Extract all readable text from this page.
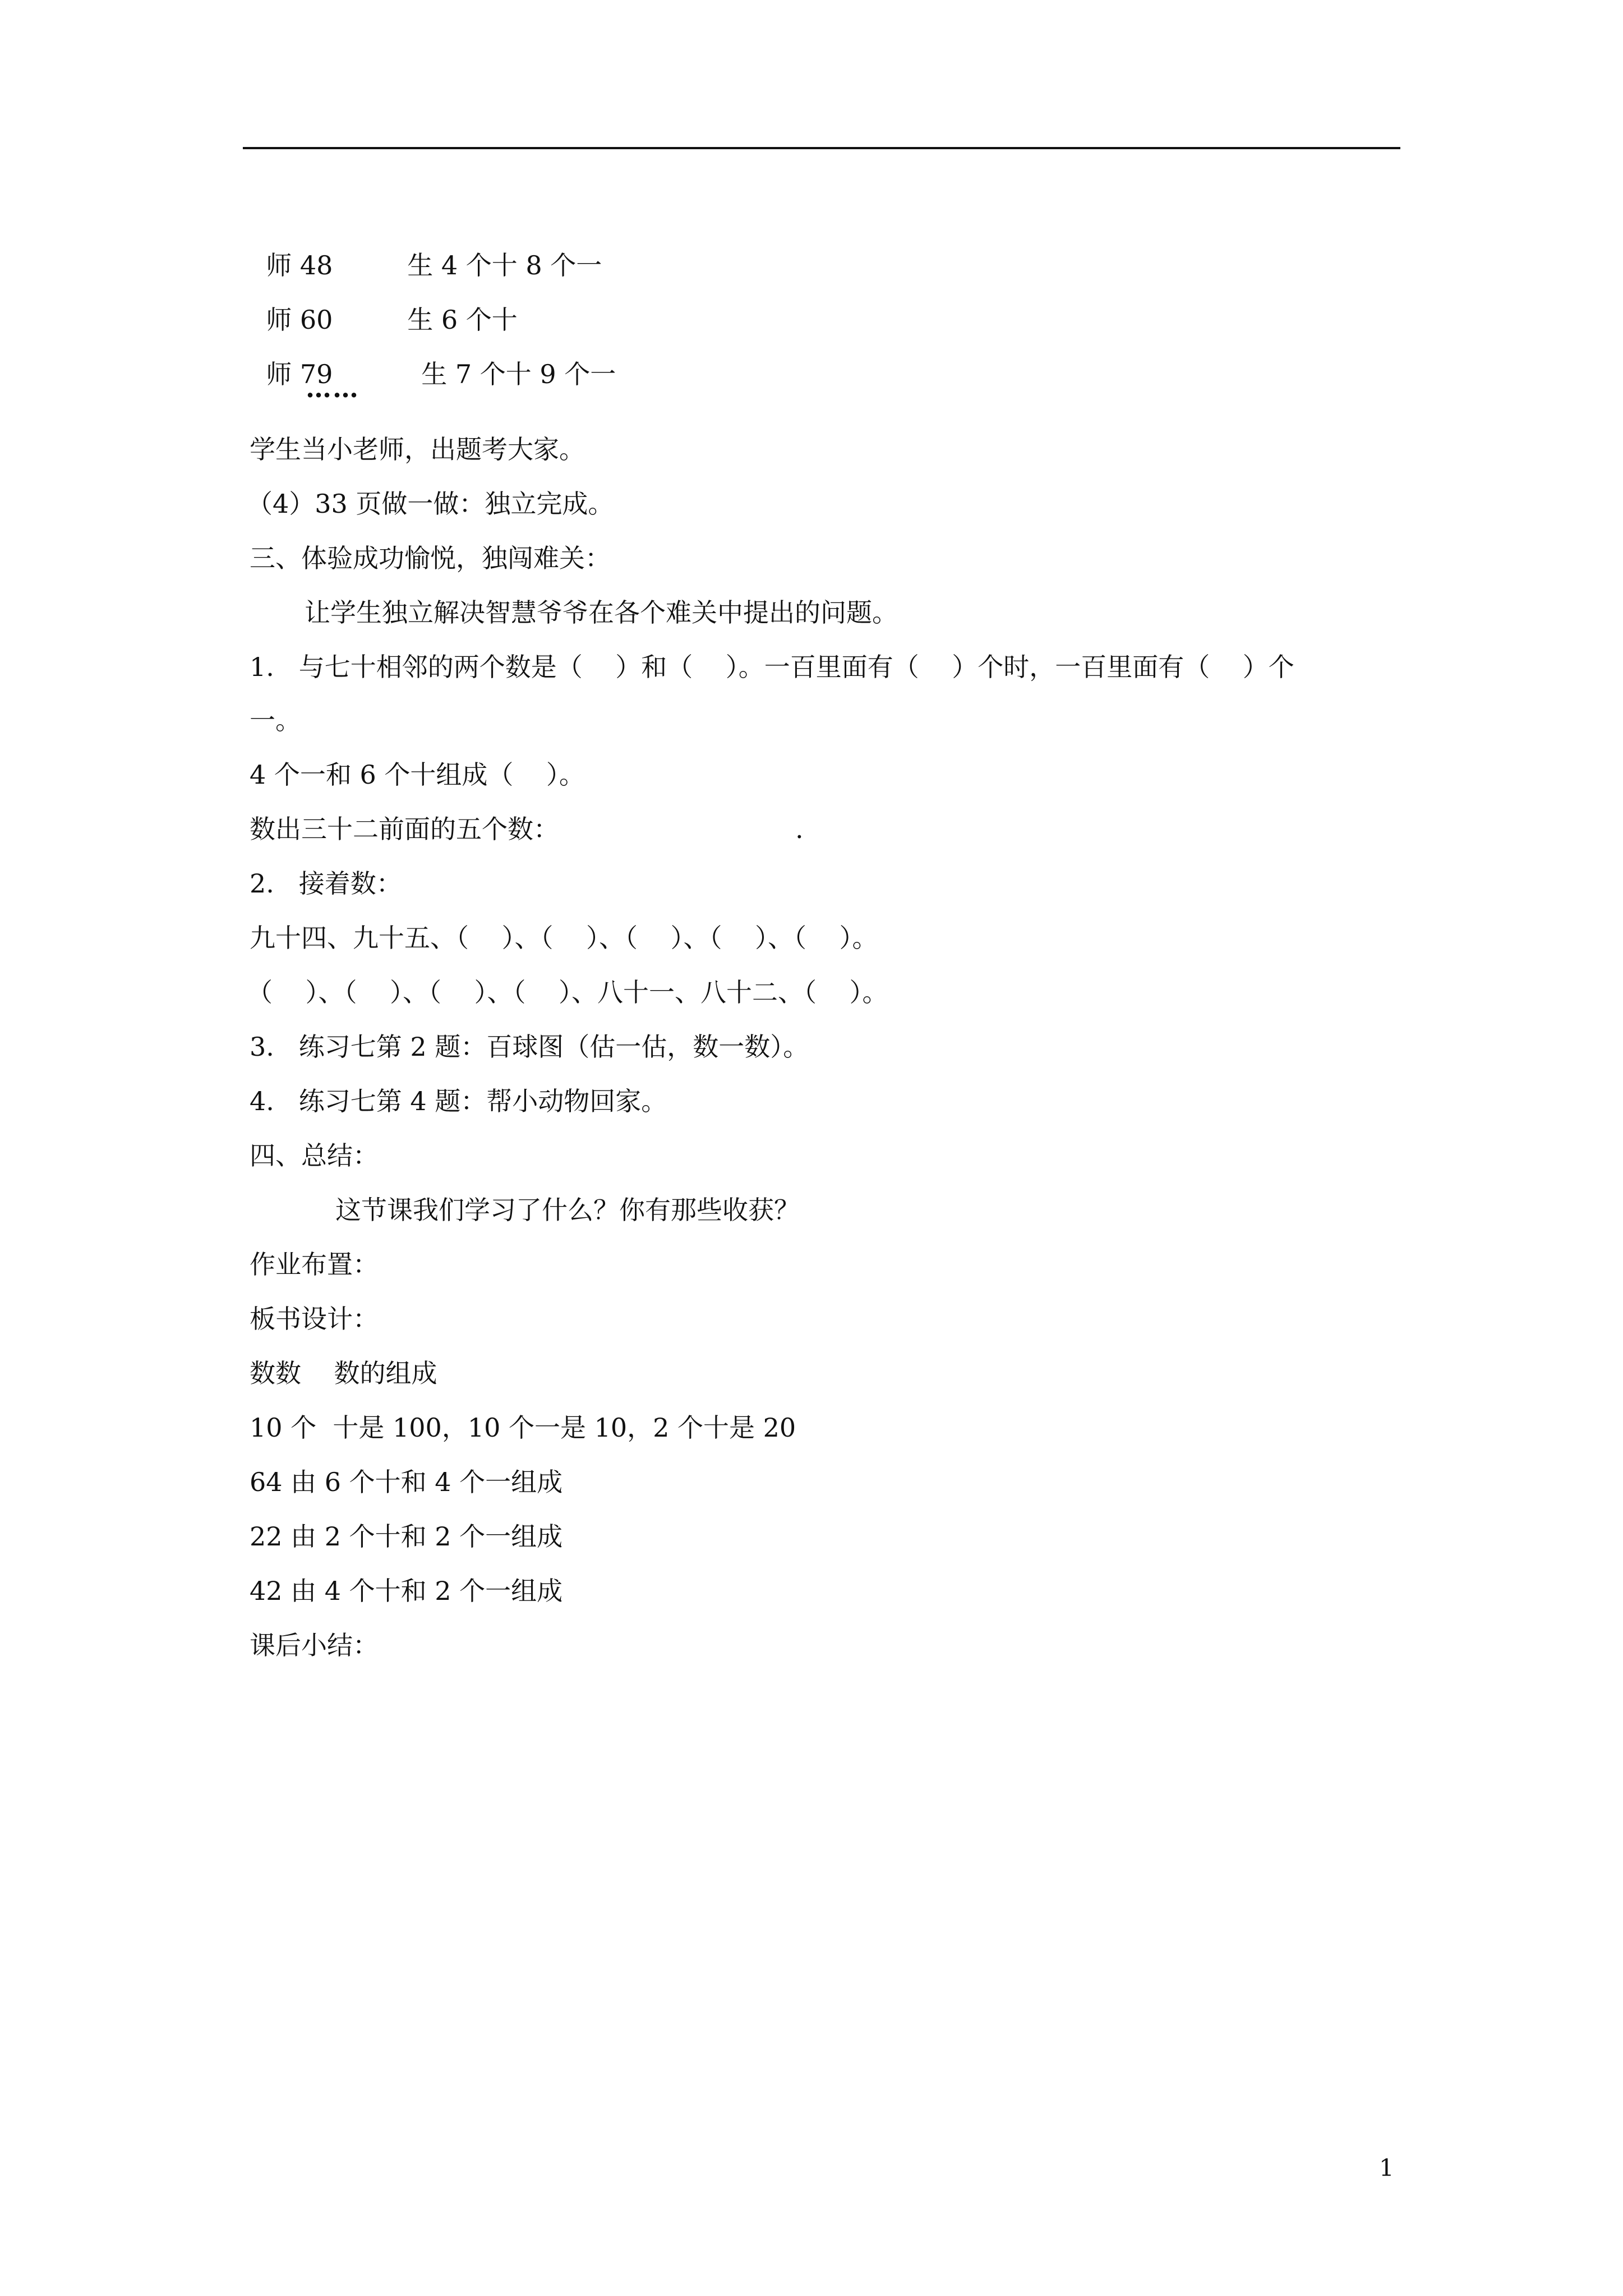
师 48	生 4 个十 8 个一

师 60	生 6 个十

师 79	生 7 个十 9 个一

……
学生当小老师，出题考大家。
（4）33 页做一做：独立完成。
三、体验成功愉悦，独闯难关：
让学生独立解决智慧爷爷在各个难关中提出的问题。
1.   与七十相邻的两个数是（    ）和（    ）。一百里面有（    ）个时，一百里面有（    ）个
一。
4 个一和 6 个十组成（    ）。
数出三十二前面的五个数：	.
2.   接着数：
九十四、九十五、（    ）、（    ）、（    ）、（    ）、（    ）。
（    ）、（    ）、（    ）、（    ）、八十一、八十二、（    ）。
3.   练习七第 2 题：百球图（估一估，数一数）。
4.   练习七第 4 题：帮小动物回家。
四、总结：
这节课我们学习了什么？你有那些收获？
作业布置：
板书设计：
数数    数的组成
10 个  十是 100，10 个一是 10，2 个十是 20
64 由 6 个十和 4 个一组成
22 由 2 个十和 2 个一组成
42 由 4 个十和 2 个一组成
课后小结：
1
